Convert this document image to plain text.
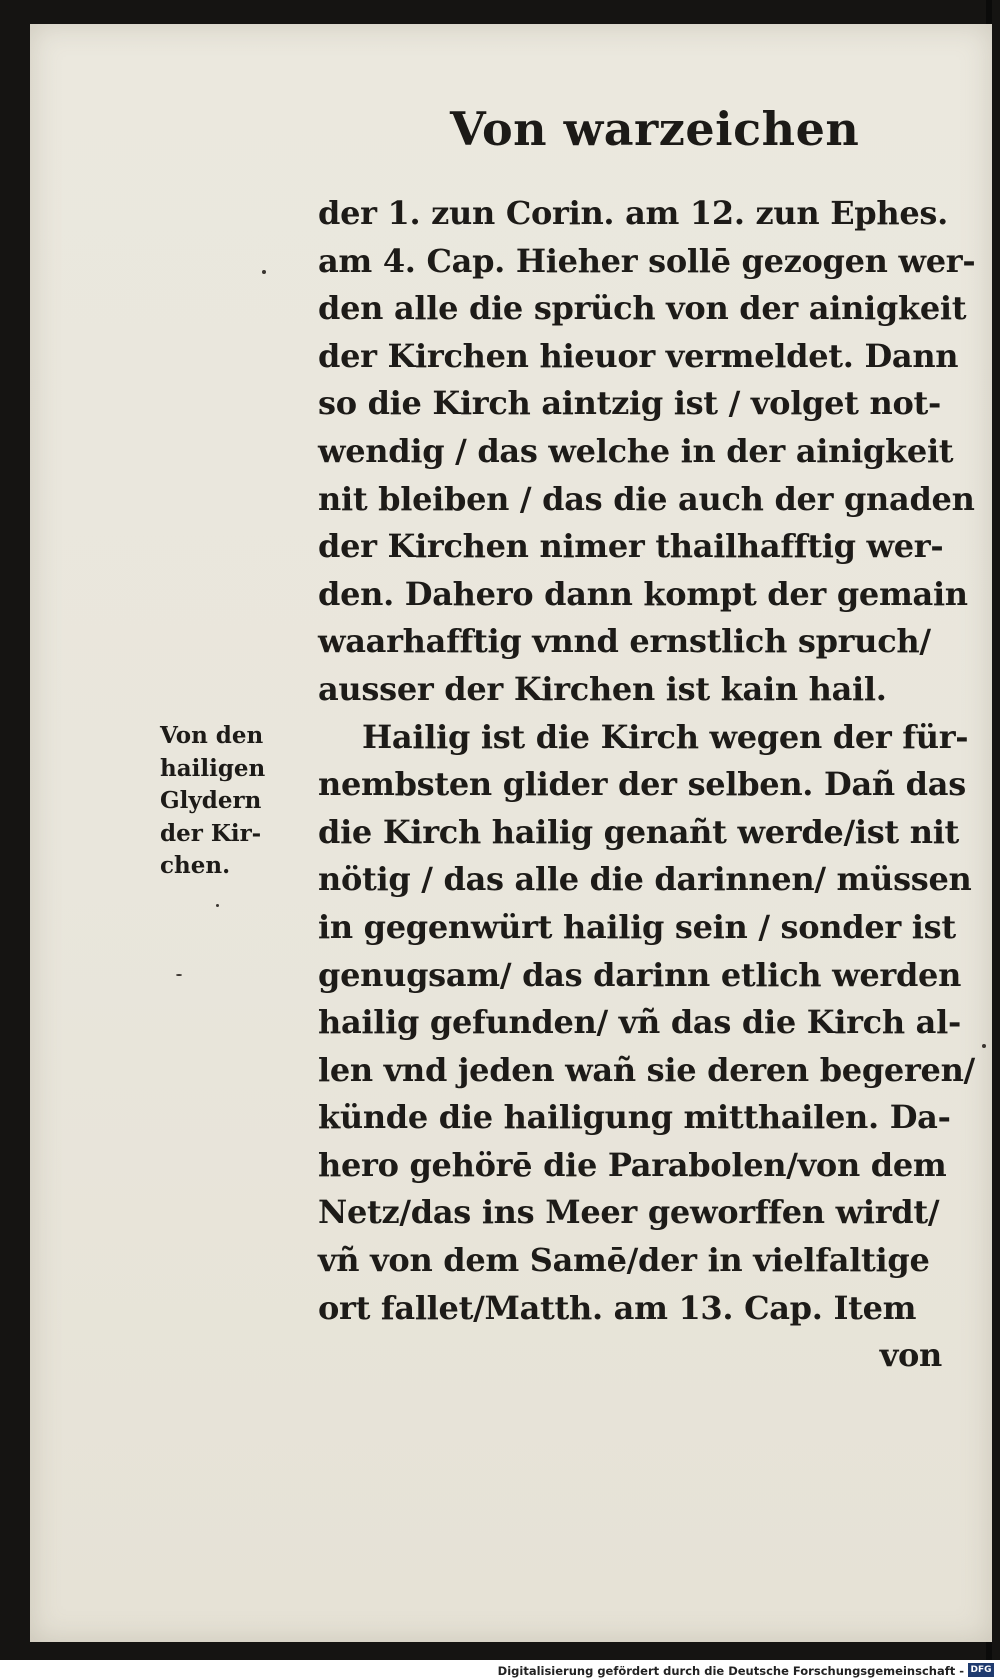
Von warzeichen
der 1. zun Corin. am 12. zun Ephes.
am 4. Cap. Hieher sollē gezogen wer-
den alle die sprüch von der ainigkeit
der Kirchen hieuor vermeldet. Dann
so die Kirch aintzig ist / volget not-
wendig / das welche in der ainigkeit
nit bleiben / das die auch der gnaden
der Kirchen nimer thailhafftig wer-
den. Dahero dann kompt der gemain
waarhafftig vnnd ernstlich spruch/
ausser der Kirchen ist kain hail.
Hailig ist die Kirch wegen der für-
nembsten glider der selben. Dañ das
die Kirch hailig genañt werde/ist nit
nötig / das alle die darinnen/ müssen
in gegenwürt hailig sein / sonder ist
genugsam/ das darinn etlich werden
hailig gefunden/ vñ das die Kirch al-
len vnd jeden wañ sie deren begeren/
künde die hailigung mitthailen. Da-
hero gehörē die Parabolen/von dem
Netz/das ins Meer geworffen wirdt/
vñ von dem Samē/der in vielfaltige
ort fallet/Matth. am 13. Cap. Item
von
Von den
hailigen
Glydern
der Kir-
chen.
Digitalisierung gefördert durch die Deutsche Forschungsgemeinschaft - DFG
